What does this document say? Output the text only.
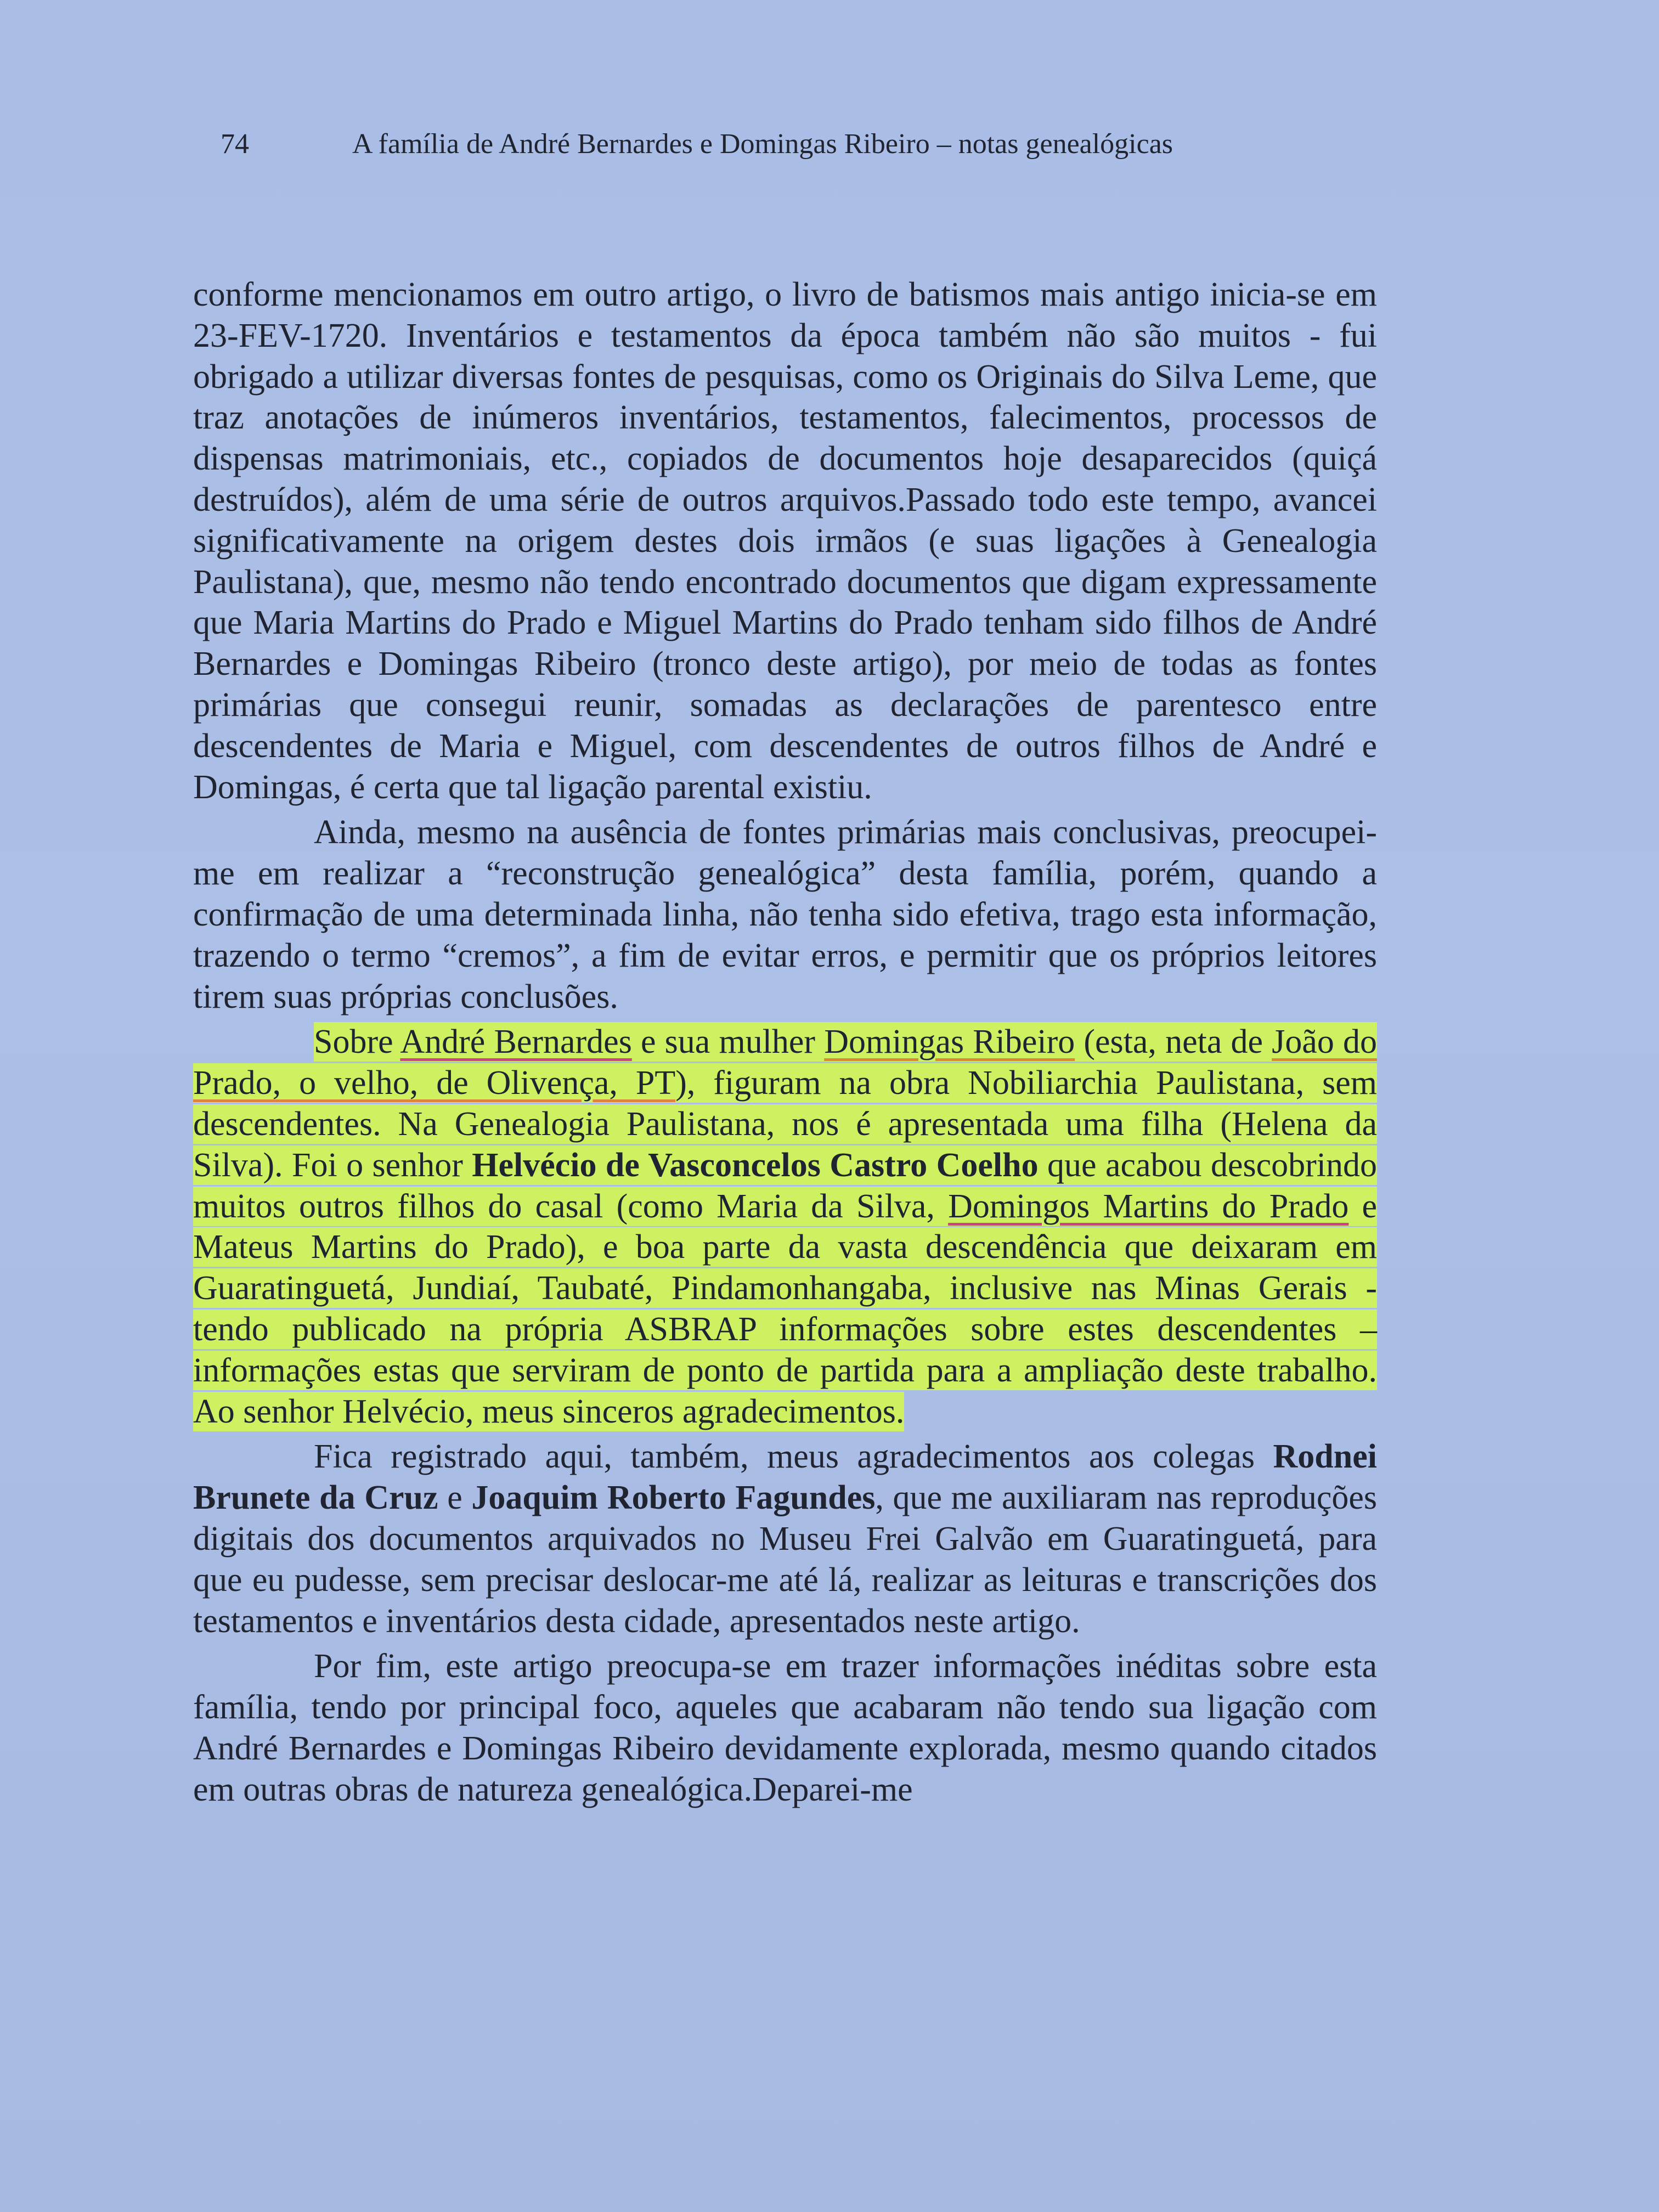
74	A família de André Bernardes e Domingas Ribeiro – notas genealógicas

conforme mencionamos em outro artigo, o livro de batismos mais antigo inicia-se em 23-FEV-1720. Inventários e testamentos da época também não são muitos - fui obrigado a utilizar diversas fontes de pesquisas, como os Originais do Silva Leme, que traz anotações de inúmeros inventários, testamentos, falecimentos, processos de dispensas matrimoniais, etc., copiados de documentos hoje desaparecidos (quiçá destruídos), além de uma série de outros arquivos.Passado todo este tempo, avancei significativamente na origem destes dois irmãos (e suas ligações à Genealogia Paulistana), que, mesmo não tendo encontrado documentos que digam expressamente que Maria Martins do Prado e Miguel Martins do Prado tenham sido filhos de André Bernardes e Domingas Ribeiro (tronco deste artigo), por meio de todas as fontes primárias que consegui reunir, somadas as declarações de parentesco entre descendentes de Maria e Miguel, com descendentes de outros filhos de André e Domingas, é certa que tal ligação parental existiu.

Ainda, mesmo na ausência de fontes primárias mais conclusivas, preocupei-me em realizar a “reconstrução genealógica” desta família, porém, quando a confirmação de uma determinada linha, não tenha sido efetiva, trago esta informação, trazendo o termo “cremos”, a fim de evitar erros, e permitir que os próprios leitores tirem suas próprias conclusões.

Sobre André Bernardes e sua mulher Domingas Ribeiro (esta, neta de João do Prado, o velho, de Olivença, PT), figuram na obra Nobiliarchia Paulistana, sem descendentes. Na Genealogia Paulistana, nos é apresentada uma filha (Helena da Silva). Foi o senhor Helvécio de Vasconcelos Castro Coelho que acabou descobrindo muitos outros filhos do casal (como Maria da Silva, Domingos Martins do Prado e Mateus Martins do Prado), e boa parte da vasta descendência que deixaram em Guaratinguetá, Jundiaí, Taubaté, Pindamonhangaba, inclusive nas Minas Gerais - tendo publicado na própria ASBRAP informações sobre estes descendentes – informações estas que serviram de ponto de partida para a ampliação deste trabalho. Ao senhor Helvécio, meus sinceros agradecimentos.

Fica registrado aqui, também, meus agradecimentos aos colegas Rodnei Brunete da Cruz e Joaquim Roberto Fagundes, que me auxiliaram nas reproduções digitais dos documentos arquivados no Museu Frei Galvão em Guaratinguetá, para que eu pudesse, sem precisar deslocar-me até lá, realizar as leituras e transcrições dos testamentos e inventários desta cidade, apresentados neste artigo.

Por fim, este artigo preocupa-se em trazer informações inéditas sobre esta família, tendo por principal foco, aqueles que acabaram não tendo sua ligação com André Bernardes e Domingas Ribeiro devidamente explorada, mesmo quando citados em outras obras de natureza genealógica.Deparei-me
